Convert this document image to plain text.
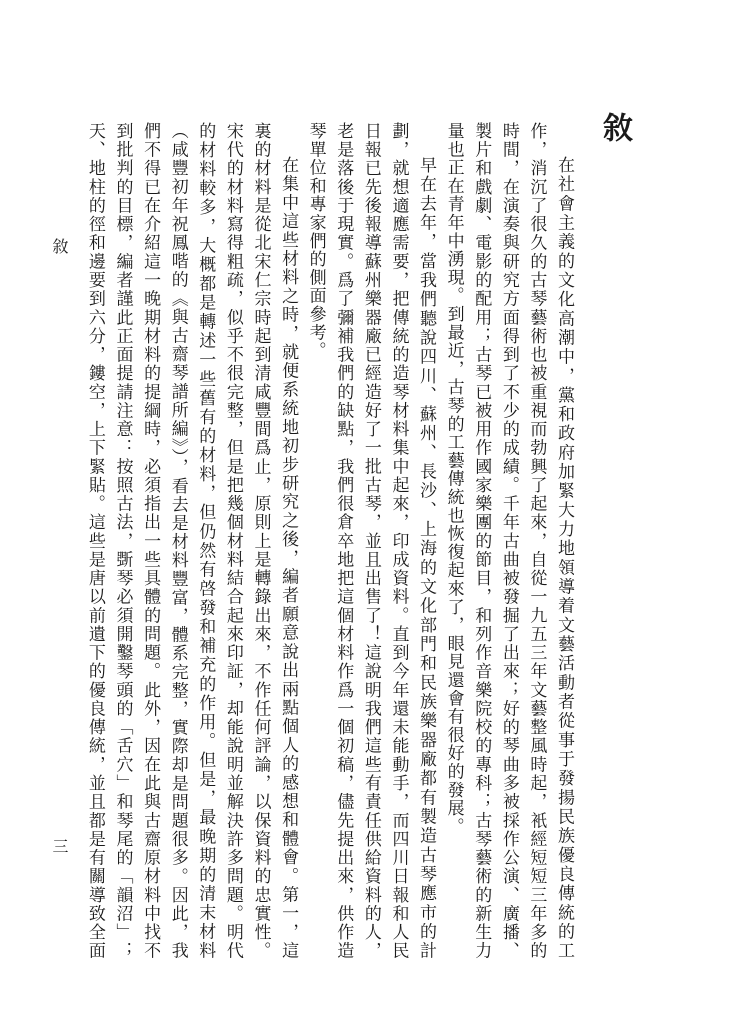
敘

在社會主義的文化高潮中，黨和政府加緊大力地領導着文藝活動者從事于發揚民族優良傳統的工作，消沉了很久的古琴藝術也被重視而勃興了起來，自從一九五三年文藝整風時起，衹經短短三年多的時間，在演奏與研究方面得到了不少的成績。千年古曲被發掘了出來；好的琴曲多被採作公演、廣播、製片和戲劇、電影的配用；古琴已被用作國家樂團的節目，和列作音樂院校的專科；古琴藝術的新生力量也正在青年中湧現。到最近，古琴的工藝傳統也恢復起來了，眼見還會有很好的發展。

早在去年，當我們聽說四川、蘇州、長沙、上海的文化部門和民族樂器廠都有製造古琴應市的計劃，就想適應需要，把傳統的造琴材料集中起來，印成資料。直到今年還未能動手，而四川日報和人民日報已先後報導蘇州樂器廠已經造好了一批古琴，並且出售了！這說明我們這些有責任供給資料的人，老是落後于現實。爲了彌補我們的缺點，我們很倉卒地把這個材料作爲一個初稿，儘先提出來，供作造琴單位和專家們的側面參考。

在集中這些材料之時，就便系統地初步研究之後，編者願意說出兩點個人的感想和體會。第一，這裏的材料是從北宋仁宗時起到清咸豐間爲止，原則上是轉錄出來，不作任何評論，以保資料的忠實性。宋代的材料寫得粗疏，似乎不很完整，但是把幾個材料結合起來印証，却能說明並解決許多問題。明代的材料較多，大概都是轉述一些舊有的材料，但仍然有啓發和補充的作用。但是，最晚期的清末材料（咸豐初年祝鳳喈的《與古齋琴譜所編》），看去是材料豐富，體系完整，實際却是問題很多。因此，我們不得已在介紹這一晚期材料的提綱時，必須指出一些具體的問題。此外，因在此與古齋原材料中找不到批判的目標，編者謹此正面提請注意：按照古法，斲琴必須開鑿琴頭的「舌穴」和琴尾的「韻沼」；天、地柱的徑和邊要到六分，鏤空，上下緊貼。這些是唐以前遺下的優良傳統，並且都是有關導致全面

敘
三
